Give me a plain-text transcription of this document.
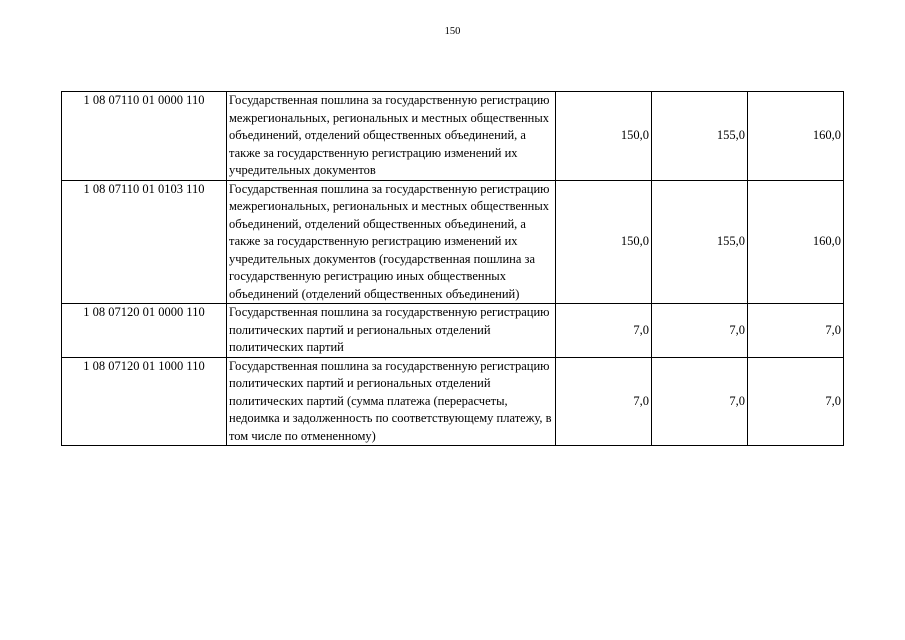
150
1 08 07110 01 0000 110	Государственная пошлина за государственную регистрацию межрегиональных, региональных и местных общественных объединений, отделений общественных объединений, а также за государственную регистрацию изменений их учредительных документов	150,0	155,0	160,0
1 08 07110 01 0103 110	Государственная пошлина за государственную регистрацию межрегиональных, региональных и местных общественных объединений, отделений общественных объединений, а также за государственную регистрацию изменений их учредительных документов (государственная пошлина за государственную регистрацию иных общественных объединений (отделений общественных объединений)	150,0	155,0	160,0
1 08 07120 01 0000 110	Государственная пошлина за государственную регистрацию политических партий и региональных отделений политических партий	7,0	7,0	7,0
1 08 07120 01 1000 110	Государственная пошлина за государственную регистрацию политических партий и региональных отделений политических партий (сумма платежа (перерасчеты, недоимка и задолженность по соответствующему платежу, в том числе по отмененному)	7,0	7,0	7,0
